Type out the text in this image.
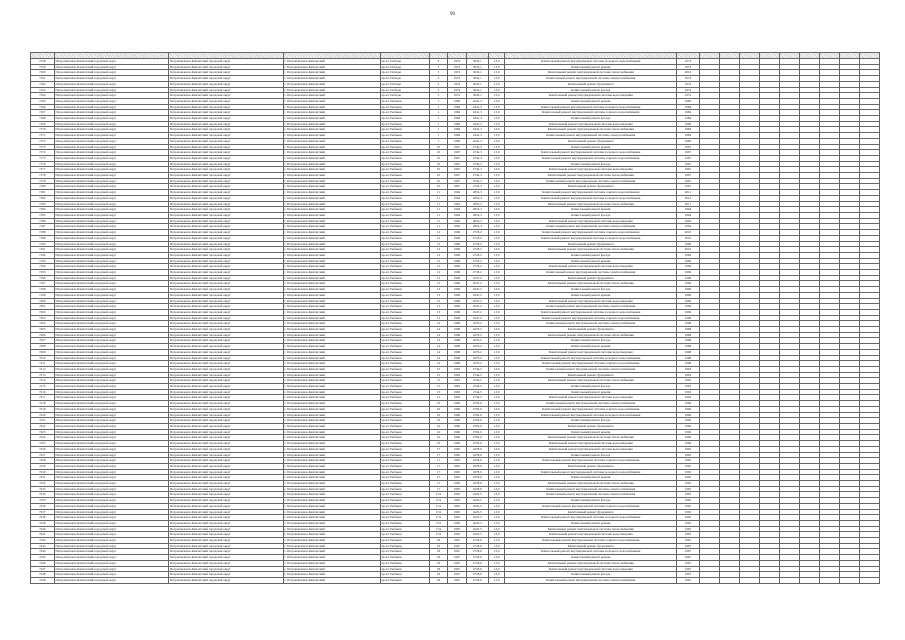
90

7158	Петропавловск-Камчатский городской округ	Петропавловск-Камчатский городской округ	г. Петропавловск-Камчатский	пр-кт. Победы	3	1974	3032,1	13,0	Капитальный ремонт внутридомовой системы холодного водоснабжения	1974									
7159	Петропавловск-Камчатский городской округ	Петропавловск-Камчатский городской округ	г. Петропавловск-Камчатский	пр-кт. Победы	3	1974	3032,1	13,0	Капитальный ремонт крыши	1974									
7160	Петропавловск-Камчатский городской округ	Петропавловск-Камчатский городской округ	г. Петропавловск-Камчатский	пр-кт. Победы	3	1974	3032,1	13,0	Капитальный ремонт внутридомовой системы теплоснабжения	2012									
7161	Петропавловск-Камчатский городской округ	Петропавловск-Камчатский городской округ	г. Петропавловск-Камчатский	пр-кт. Победы	3	1974	3032,1	13,0	Капитальный ремонт внутридомовой системы электроснабжения	1974									
7162	Петропавловск-Камчатский городской округ	Петропавловск-Камчатский городской округ	г. Петропавловск-Камчатский	пр-кт. Победы	3	1974	3032,1	13,0	Капитальный ремонт фундамента	1974									
7163	Петропавловск-Камчатский городской округ	Петропавловск-Камчатский городской округ	г. Петропавловск-Камчатский	пр-кт. Победы	3	1974	3032,1	13,0	Капитальный ремонт фасада	1974									
7164	Петропавловск-Камчатский городской округ	Петропавловск-Камчатский городской округ	г. Петропавловск-Камчатский	пр-кт. Победы	3	1974	3032,1	13,0	Капитальный ремонт внутридомовой системы водоотведения	1974									
7165	Петропавловск-Камчатский городской округ	Петропавловск-Камчатский городской округ	г. Петропавловск-Камчатский	пр-кт. Рыбаков	1	1984	4341,3	13,0	Капитальный ремонт крыши	1984									
7166	Петропавловск-Камчатский городской округ	Петропавловск-Камчатский городской округ	г. Петропавловск-Камчатский	пр-кт. Рыбаков	1	1984	4341,3	13,0	Капитальный ремонт внутридомовой системы холодного водоснабжения	1984									
7167	Петропавловск-Камчатский городской округ	Петропавловск-Камчатский городской округ	г. Петропавловск-Камчатский	пр-кт. Рыбаков	1	1984	4341,3	13,0	Капитальный ремонт внутридомовой системы горячего водоснабжения	1984									
7168	Петропавловск-Камчатский городской округ	Петропавловск-Камчатский городской округ	г. Петропавловск-Камчатский	пр-кт. Рыбаков	1	1984	4341,3	13,0	Капитальный ремонт фасада	1984									
7169	Петропавловск-Камчатский городской округ	Петропавловск-Камчатский городской округ	г. Петропавловск-Камчатский	пр-кт. Рыбаков	1	1984	4341,3	13,0	Капитальный ремонт внутридомовой системы водоотведения	1984									
7170	Петропавловск-Камчатский городской округ	Петропавловск-Камчатский городской округ	г. Петропавловск-Камчатский	пр-кт. Рыбаков	1	1984	4341,3	13,0	Капитальный ремонт внутридомовой системы теплоснабжения	1984									
7171	Петропавловск-Камчатский городской округ	Петропавловск-Камчатский городской округ	г. Петропавловск-Камчатский	пр-кт. Рыбаков	1	1984	4341,3	13,0	Капитальный ремонт внутридомовой системы электроснабжения	1984									
7172	Петропавловск-Камчатский городской округ	Петропавловск-Камчатский городской округ	г. Петропавловск-Камчатский	пр-кт. Рыбаков	1	1984	4341,3	13,0	Капитальный ремонт фундамента	1984									
7173	Петропавловск-Камчатский городской округ	Петропавловск-Камчатский городской округ	г. Петропавловск-Камчатский	пр-кт. Рыбаков	10	1967	2742,3	13,0	Капитальный ремонт крыши	1967									
7174	Петропавловск-Камчатский городской округ	Петропавловск-Камчатский городской округ	г. Петропавловск-Камчатский	пр-кт. Рыбаков	10	1967	2742,3	13,0	Капитальный ремонт внутридомовой системы холодного водоснабжения	1967									
7175	Петропавловск-Камчатский городской округ	Петропавловск-Камчатский городской округ	г. Петропавловск-Камчатский	пр-кт. Рыбаков	10	1967	2742,3	13,0	Капитальный ремонт внутридомовой системы горячего водоснабжения	1967									
7176	Петропавловск-Камчатский городской округ	Петропавловск-Камчатский городской округ	г. Петропавловск-Камчатский	пр-кт. Рыбаков	10	1967	2742,3	13,0	Капитальный ремонт фасада	1967									
7177	Петропавловск-Камчатский городской округ	Петропавловск-Камчатский городской округ	г. Петропавловск-Камчатский	пр-кт. Рыбаков	10	1967	2742,3	13,0	Капитальный ремонт внутридомовой системы водоотведения	1967									
7178	Петропавловск-Камчатский городской округ	Петропавловск-Камчатский городской округ	г. Петропавловск-Камчатский	пр-кт. Рыбаков	10	1967	2742,3	13,0	Капитальный ремонт внутридомовой системы теплоснабжения	1967									
7179	Петропавловск-Камчатский городской округ	Петропавловск-Камчатский городской округ	г. Петропавловск-Камчатский	пр-кт. Рыбаков	10	1967	2742,3	13,0	Капитальный ремонт внутридомовой системы электроснабжения	1967									
7180	Петропавловск-Камчатский городской округ	Петропавловск-Камчатский городской округ	г. Петропавловск-Камчатский	пр-кт. Рыбаков	10	1967	2742,3	13,0	Капитальный ремонт фундамента	1967									
7181	Петропавловск-Камчатский городской округ	Петропавловск-Камчатский городской округ	г. Петропавловск-Камчатский	пр-кт. Рыбаков	11	1964	2816,3	13,0	Капитальный ремонт внутридомовой системы горячего водоснабжения	2011									
7182	Петропавловск-Камчатский городской округ	Петропавловск-Камчатский городской округ	г. Петропавловск-Камчатский	пр-кт. Рыбаков	11	1964	2816,3	13,0	Капитальный ремонт внутридомовой системы холодного водоснабжения	2012									
7183	Петропавловск-Камчатский городской округ	Петропавловск-Камчатский городской округ	г. Петропавловск-Камчатский	пр-кт. Рыбаков	11	1964	2816,3	13,0	Капитальный ремонт внутридомовой системы теплоснабжения	2011									
7184	Петропавловск-Камчатский городской округ	Петропавловск-Камчатский городской округ	г. Петропавловск-Камчатский	пр-кт. Рыбаков	11	1964	2816,3	13,0	Капитальный ремонт крыши	1964									
7185	Петропавловск-Камчатский городской округ	Петропавловск-Камчатский городской округ	г. Петропавловск-Камчатский	пр-кт. Рыбаков	11	1964	2816,3	13,0	Капитальный ремонт фасада	1964									
7186	Петропавловск-Камчатский городской округ	Петропавловск-Камчатский городской округ	г. Петропавловск-Камчатский	пр-кт. Рыбаков	11	1964	2816,3	13,0	Капитальный ремонт внутридомовой системы водоотведения	1964									
7187	Петропавловск-Камчатский городской округ	Петропавловск-Камчатский городской округ	г. Петропавловск-Камчатский	пр-кт. Рыбаков	11	1964	2816,3	13,0	Капитальный ремонт внутридомовой системы электроснабжения	1964									
7188	Петропавловск-Камчатский городской округ	Петропавловск-Камчатский городской округ	г. Петропавловск-Камчатский	пр-кт. Рыбаков	12	1969	2718,2	13,0	Капитальный ремонт внутридомовой системы горячего водоснабжения	2010									
7189	Петропавловск-Камчатский городской округ	Петропавловск-Камчатский городской округ	г. Петропавловск-Камчатский	пр-кт. Рыбаков	12	1969	2718,2	13,0	Капитальный ремонт внутридомовой системы холодного водоснабжения	2010									
7190	Петропавловск-Камчатский городской округ	Петропавловск-Камчатский городской округ	г. Петропавловск-Камчатский	пр-кт. Рыбаков	12	1969	2718,2	13,0	Капитальный ремонт фундамента	1969									
7191	Петропавловск-Камчатский городской округ	Петропавловск-Камчатский городской округ	г. Петропавловск-Камчатский	пр-кт. Рыбаков	12	1969	2718,2	13,0	Капитальный ремонт внутридомовой системы теплоснабжения	2010									
7192	Петропавловск-Камчатский городской округ	Петропавловск-Камчатский городской округ	г. Петропавловск-Камчатский	пр-кт. Рыбаков	12	1969	2718,2	13,0	Капитальный ремонт фасада	1969									
7193	Петропавловск-Камчатский городской округ	Петропавловск-Камчатский городской округ	г. Петропавловск-Камчатский	пр-кт. Рыбаков	12	1969	2718,2	13,0	Капитальный ремонт крыши	1969									
7194	Петропавловск-Камчатский городской округ	Петропавловск-Камчатский городской округ	г. Петропавловск-Камчатский	пр-кт. Рыбаков	12	1969	2718,2	13,0	Капитальный ремонт внутридомовой системы водоотведения	1969									
7195	Петропавловск-Камчатский городской округ	Петропавловск-Камчатский городской округ	г. Петропавловск-Камчатский	пр-кт. Рыбаков	12	1969	2718,2	13,0	Капитальный ремонт внутридомовой системы электроснабжения	1969									
7196	Петропавловск-Камчатский городской округ	Петропавловск-Камчатский городской округ	г. Петропавловск-Камчатский	пр-кт. Рыбаков	13	1969	4547,2	13,0	Капитальный ремонт фундамента	1969									
7197	Петропавловск-Камчатский городской округ	Петропавловск-Камчатский городской округ	г. Петропавловск-Камчатский	пр-кт. Рыбаков	13	1969	4547,2	13,0	Капитальный ремонт внутридомовой системы теплоснабжения	1969									
7198	Петропавловск-Камчатский городской округ	Петропавловск-Камчатский городской округ	г. Петропавловск-Камчатский	пр-кт. Рыбаков	13	1969	4547,2	13,0	Капитальный ремонт фасада	1969									
7199	Петропавловск-Камчатский городской округ	Петропавловск-Камчатский городской округ	г. Петропавловск-Камчатский	пр-кт. Рыбаков	13	1969	4547,2	13,0	Капитальный ремонт крыши	1969									
7200	Петропавловск-Камчатский городской округ	Петропавловск-Камчатский городской округ	г. Петропавловск-Камчатский	пр-кт. Рыбаков	13	1969	4547,2	13,0	Капитальный ремонт внутридомовой системы водоотведения	1969									
7201	Петропавловск-Камчатский городской округ	Петропавловск-Камчатский городской округ	г. Петропавловск-Камчатский	пр-кт. Рыбаков	13	1969	4547,2	13,0	Капитальный ремонт внутридомовой системы электроснабжения	1969									
7202	Петропавловск-Камчатский городской округ	Петропавловск-Камчатский городской округ	г. Петропавловск-Камчатский	пр-кт. Рыбаков	13	1969	4547,2	13,0	Капитальный ремонт внутридомовой системы холодного водоснабжения	1969									
7203	Петропавловск-Камчатский городской округ	Петропавловск-Камчатский городской округ	г. Петропавловск-Камчатский	пр-кт. Рыбаков	13	1969	4547,2	13,0	Капитальный ремонт внутридомовой системы горячего водоснабжения	1969									
7204	Петропавловск-Камчатский городской округ	Петропавловск-Камчатский городской округ	г. Петропавловск-Камчатский	пр-кт. Рыбаков	14	1968	4270,2	13,0	Капитальный ремонт внутридомовой системы электроснабжения	1968									
7205	Петропавловск-Камчатский городской округ	Петропавловск-Камчатский городской округ	г. Петропавловск-Камчатский	пр-кт. Рыбаков	14	1968	4270,2	13,0	Капитальный ремонт фундамента	1968									
7206	Петропавловск-Камчатский городской округ	Петропавловск-Камчатский городской округ	г. Петропавловск-Камчатский	пр-кт. Рыбаков	14	1968	4270,2	13,0	Капитальный ремонт внутридомовой системы теплоснабжения	1968									
7207	Петропавловск-Камчатский городской округ	Петропавловск-Камчатский городской округ	г. Петропавловск-Камчатский	пр-кт. Рыбаков	14	1968	4270,2	13,0	Капитальный ремонт фасада	1968									
7208	Петропавловск-Камчатский городской округ	Петропавловск-Камчатский городской округ	г. Петропавловск-Камчатский	пр-кт. Рыбаков	14	1968	4270,2	13,0	Капитальный ремонт крыши	1968									
7209	Петропавловск-Камчатский городской округ	Петропавловск-Камчатский городской округ	г. Петропавловск-Камчатский	пр-кт. Рыбаков	14	1968	4270,2	13,0	Капитальный ремонт внутридомовой системы водоотведения	1968									
7210	Петропавловск-Камчатский городской округ	Петропавловск-Камчатский городской округ	г. Петропавловск-Камчатский	пр-кт. Рыбаков	14	1968	4270,2	13,0	Капитальный ремонт внутридомовой системы холодного водоснабжения	1968									
7211	Петропавловск-Камчатский городской округ	Петропавловск-Камчатский городской округ	г. Петропавловск-Камчатский	пр-кт. Рыбаков	14	1968	4270,2	13,0	Капитальный ремонт внутридомовой системы горячего водоснабжения	1968									
7212	Петропавловск-Камчатский городской округ	Петропавловск-Камчатский городской округ	г. Петропавловск-Камчатский	пр-кт. Рыбаков	15	1963	2744,5	13,0	Капитальный ремонт внутридомовой системы электроснабжения	1963									
7213	Петропавловск-Камчатский городской округ	Петропавловск-Камчатский городской округ	г. Петропавловск-Камчатский	пр-кт. Рыбаков	15	1963	2744,5	13,0	Капитальный ремонт фундамента	1963									
7214	Петропавловск-Камчатский городской округ	Петропавловск-Камчатский городской округ	г. Петропавловск-Камчатский	пр-кт. Рыбаков	15	1963	2744,5	13,0	Капитальный ремонт внутридомовой системы теплоснабжения	1963									
7215	Петропавловск-Камчатский городской округ	Петропавловск-Камчатский городской округ	г. Петропавловск-Камчатский	пр-кт. Рыбаков	15	1963	2744,5	13,0	Капитальный ремонт фасада	1963									
7216	Петропавловск-Камчатский городской округ	Петропавловск-Камчатский городской округ	г. Петропавловск-Камчатский	пр-кт. Рыбаков	15	1963	2744,5	13,0	Капитальный ремонт крыши	1963									
7217	Петропавловск-Камчатский городской округ	Петропавловск-Камчатский городской округ	г. Петропавловск-Камчатский	пр-кт. Рыбаков	15	1963	2744,5	13,0	Капитальный ремонт внутридомовой системы водоотведения	1963									
7218	Петропавловск-Камчатский городской округ	Петропавловск-Камчатский городской округ	г. Петропавловск-Камчатский	пр-кт. Рыбаков	16	1966	2702,6	13,0	Капитальный ремонт внутридомовой системы электроснабжения	1966									
7219	Петропавловск-Камчатский городской округ	Петропавловск-Камчатский городской округ	г. Петропавловск-Камчатский	пр-кт. Рыбаков	16	1966	2702,6	13,0	Капитальный ремонт внутридомовой системы горячего водоснабжения	1966									
7220	Петропавловск-Камчатский городской округ	Петропавловск-Камчатский городской округ	г. Петропавловск-Камчатский	пр-кт. Рыбаков	16	1966	2702,6	13,0	Капитальный ремонт внутридомовой системы холодного водоснабжения	1966									
7221	Петропавловск-Камчатский городской округ	Петропавловск-Камчатский городской округ	г. Петропавловск-Камчатский	пр-кт. Рыбаков	16	1966	2702,6	13,0	Капитальный ремонт фасада	1966									
7222	Петропавловск-Камчатский городской округ	Петропавловск-Камчатский городской округ	г. Петропавловск-Камчатский	пр-кт. Рыбаков	16	1966	2702,6	13,0	Капитальный ремонт фундамента	1966									
7223	Петропавловск-Камчатский городской округ	Петропавловск-Камчатский городской округ	г. Петропавловск-Камчатский	пр-кт. Рыбаков	16	1966	2702,6	13,0	Капитальный ремонт крыши	1966									
7224	Петропавловск-Камчатский городской округ	Петропавловск-Камчатский городской округ	г. Петропавловск-Камчатский	пр-кт. Рыбаков	16	1966	2702,6	13,0	Капитальный ремонт внутридомовой системы теплоснабжения	1966									
7225	Петропавловск-Камчатский городской округ	Петропавловск-Камчатский городской округ	г. Петропавловск-Камчатский	пр-кт. Рыбаков	16	1966	2702,6	13,0	Капитальный ремонт внутридомовой системы водоотведения	1966									
7226	Петропавловск-Камчатский городской округ	Петропавловск-Камчатский городской округ	г. Петропавловск-Камчатский	пр-кт. Рыбаков	17	1965	4378,9	13,0	Капитальный ремонт внутридомовой системы водоотведения	1965									
7227	Петропавловск-Камчатский городской округ	Петропавловск-Камчатский городской округ	г. Петропавловск-Камчатский	пр-кт. Рыбаков	17	1965	4378,9	13,0	Капитальный ремонт фасада	1965									
7228	Петропавловск-Камчатский городской округ	Петропавловск-Камчатский городской округ	г. Петропавловск-Камчатский	пр-кт. Рыбаков	17	1965	4378,9	13,0	Капитальный ремонт внутридомовой системы горячего водоснабжения	1965									
7229	Петропавловск-Камчатский городской округ	Петропавловск-Камчатский городской округ	г. Петропавловск-Камчатский	пр-кт. Рыбаков	17	1965	4378,9	13,0	Капитальный ремонт фундамента	1965									
7230	Петропавловск-Камчатский городской округ	Петропавловск-Камчатский городской округ	г. Петропавловск-Камчатский	пр-кт. Рыбаков	17	1965	4378,9	13,0	Капитальный ремонт внутридомовой системы холодного водоснабжения	1965									
7231	Петропавловск-Камчатский городской округ	Петропавловск-Камчатский городской округ	г. Петропавловск-Камчатский	пр-кт. Рыбаков	17	1965	4378,9	13,0	Капитальный ремонт крыши	1965									
7232	Петропавловск-Камчатский городской округ	Петропавловск-Камчатский городской округ	г. Петропавловск-Камчатский	пр-кт. Рыбаков	17	1965	4378,9	13,0	Капитальный ремонт внутридомовой системы теплоснабжения	1965									
7233	Петропавловск-Камчатский городской округ	Петропавловск-Камчатский городской округ	г. Петропавловск-Камчатский	пр-кт. Рыбаков	17	1965	4378,9	13,0	Капитальный ремонт внутридомовой системы электроснабжения	1965									
7234	Петропавловск-Камчатский городской округ	Петропавловск-Камчатский городской округ	г. Петропавловск-Камчатский	пр-кт. Рыбаков	17А	1965	4225,5	13,0	Капитальный ремонт внутридомовой системы электроснабжения	1965									
7235	Петропавловск-Камчатский городской округ	Петропавловск-Камчатский городской округ	г. Петропавловск-Камчатский	пр-кт. Рыбаков	17А	1965	4225,5	13,0	Капитальный ремонт фасада	1965									
7236	Петропавловск-Камчатский городской округ	Петропавловск-Камчатский городской округ	г. Петропавловск-Камчатский	пр-кт. Рыбаков	17А	1965	4225,5	13,0	Капитальный ремонт внутридомовой системы горячего водоснабжения	1965									
7237	Петропавловск-Камчатский городской округ	Петропавловск-Камчатский городской округ	г. Петропавловск-Камчатский	пр-кт. Рыбаков	17А	1965	4225,5	13,0	Капитальный ремонт фундамента	1965									
7238	Петропавловск-Камчатский городской округ	Петропавловск-Камчатский городской округ	г. Петропавловск-Камчатский	пр-кт. Рыбаков	17А	1965	4225,5	13,0	Капитальный ремонт внутридомовой системы холодного водоснабжения	1965									
7239	Петропавловск-Камчатский городской округ	Петропавловск-Камчатский городской округ	г. Петропавловск-Камчатский	пр-кт. Рыбаков	17А	1965	4225,5	13,0	Капитальный ремонт крыши	1965									
7240	Петропавловск-Камчатский городской округ	Петропавловск-Камчатский городской округ	г. Петропавловск-Камчатский	пр-кт. Рыбаков	17А	1965	4225,5	13,0	Капитальный ремонт внутридомовой системы теплоснабжения	1965									
7241	Петропавловск-Камчатский городской округ	Петропавловск-Камчатский городской округ	г. Петропавловск-Камчатский	пр-кт. Рыбаков	17А	1965	4225,5	13,0	Капитальный ремонт внутридомовой системы водоотведения	1965									
7242	Петропавловск-Камчатский городской округ	Петропавловск-Камчатский городской округ	г. Петропавловск-Камчатский	пр-кт. Рыбаков	18	1967	2718,6	13,0	Капитальный ремонт внутридомовой системы горячего водоснабжения	1967									
7243	Петропавловск-Камчатский городской округ	Петропавловск-Камчатский городской округ	г. Петропавловск-Камчатский	пр-кт. Рыбаков	18	1967	2718,6	13,0	Капитальный ремонт фундамента	1967									
7244	Петропавловск-Камчатский городской округ	Петропавловск-Камчатский городской округ	г. Петропавловск-Камчатский	пр-кт. Рыбаков	18	1967	2718,6	13,0	Капитальный ремонт внутридомовой системы холодного водоснабжения	1967									
7245	Петропавловск-Камчатский городской округ	Петропавловск-Камчатский городской округ	г. Петропавловск-Камчатский	пр-кт. Рыбаков	18	1967	2718,6	13,0	Капитальный ремонт крыши	1967									
7246	Петропавловск-Камчатский городской округ	Петропавловск-Камчатский городской округ	г. Петропавловск-Камчатский	пр-кт. Рыбаков	18	1967	2718,6	13,0	Капитальный ремонт внутридомовой системы теплоснабжения	1967									
7247	Петропавловск-Камчатский городской округ	Петропавловск-Камчатский городской округ	г. Петропавловск-Камчатский	пр-кт. Рыбаков	18	1967	2718,6	13,0	Капитальный ремонт внутридомовой системы водоотведения	1967									
7248	Петропавловск-Камчатский городской округ	Петропавловск-Камчатский городской округ	г. Петропавловск-Камчатский	пр-кт. Рыбаков	18	1967	2718,6	13,0	Капитальный ремонт фасада	1967									
7249	Петропавловск-Камчатский городской округ	Петропавловск-Камчатский городской округ	г. Петропавловск-Камчатский	пр-кт. Рыбаков	18	1967	2718,6	13,0	Капитальный ремонт внутридомовой системы электроснабжения	1967									
